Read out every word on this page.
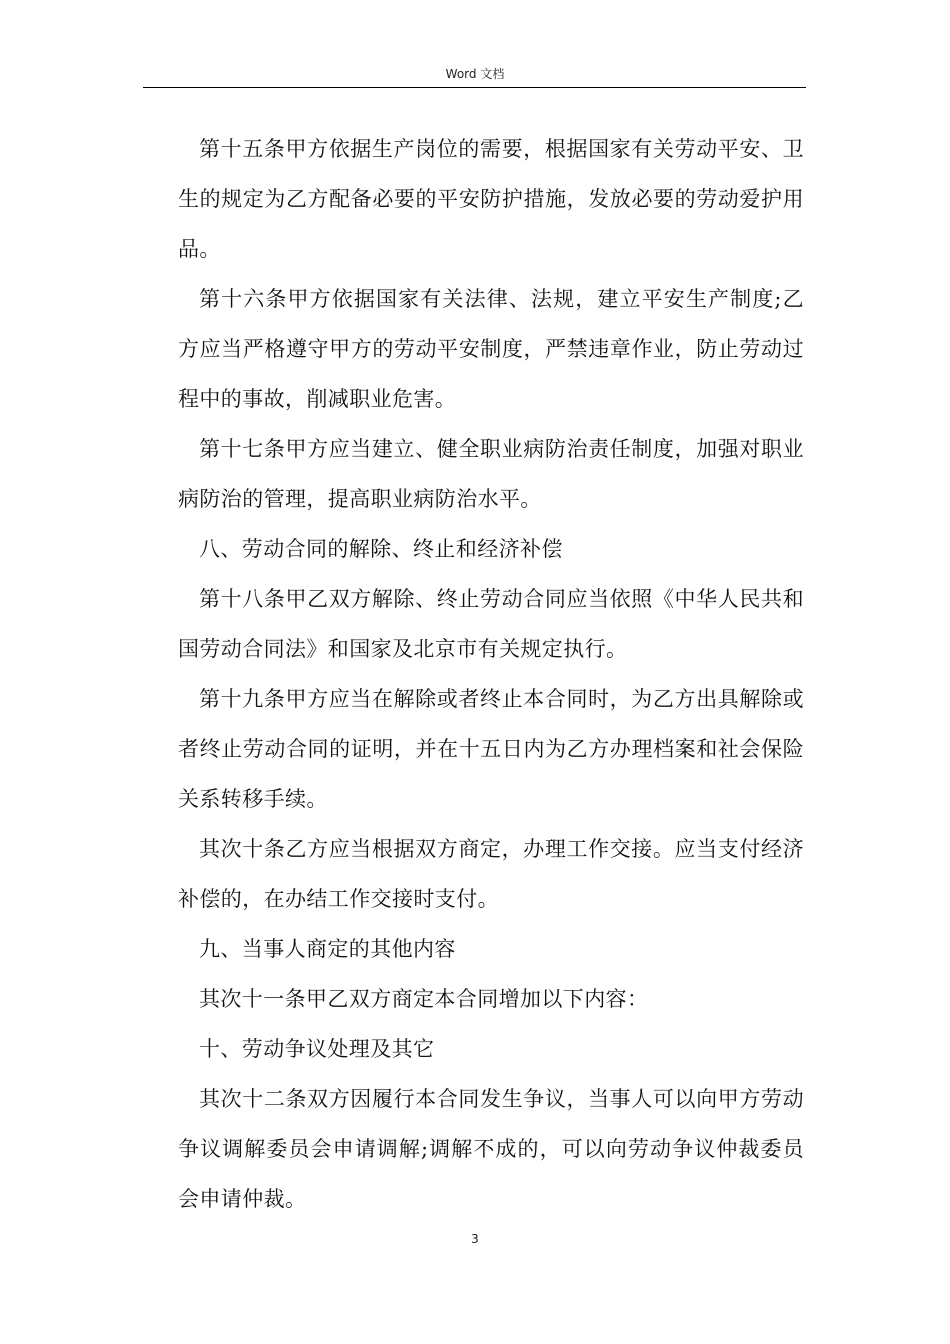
Word 文档

第十五条甲方依据生产岗位的需要，根据国家有关劳动平安、卫生的规定为乙方配备必要的平安防护措施，发放必要的劳动爱护用品。

第十六条甲方依据国家有关法律、法规，建立平安生产制度;乙方应当严格遵守甲方的劳动平安制度，严禁违章作业，防止劳动过程中的事故，削减职业危害。

第十七条甲方应当建立、健全职业病防治责任制度，加强对职业病防治的管理，提高职业病防治水平。

八、劳动合同的解除、终止和经济补偿

第十八条甲乙双方解除、终止劳动合同应当依照《中华人民共和国劳动合同法》和国家及北京市有关规定执行。

第十九条甲方应当在解除或者终止本合同时，为乙方出具解除或者终止劳动合同的证明，并在十五日内为乙方办理档案和社会保险关系转移手续。

其次十条乙方应当根据双方商定，办理工作交接。应当支付经济补偿的，在办结工作交接时支付。

九、当事人商定的其他内容

其次十一条甲乙双方商定本合同增加以下内容：

十、劳动争议处理及其它

其次十二条双方因履行本合同发生争议，当事人可以向甲方劳动争议调解委员会申请调解;调解不成的，可以向劳动争议仲裁委员会申请仲裁。

3
